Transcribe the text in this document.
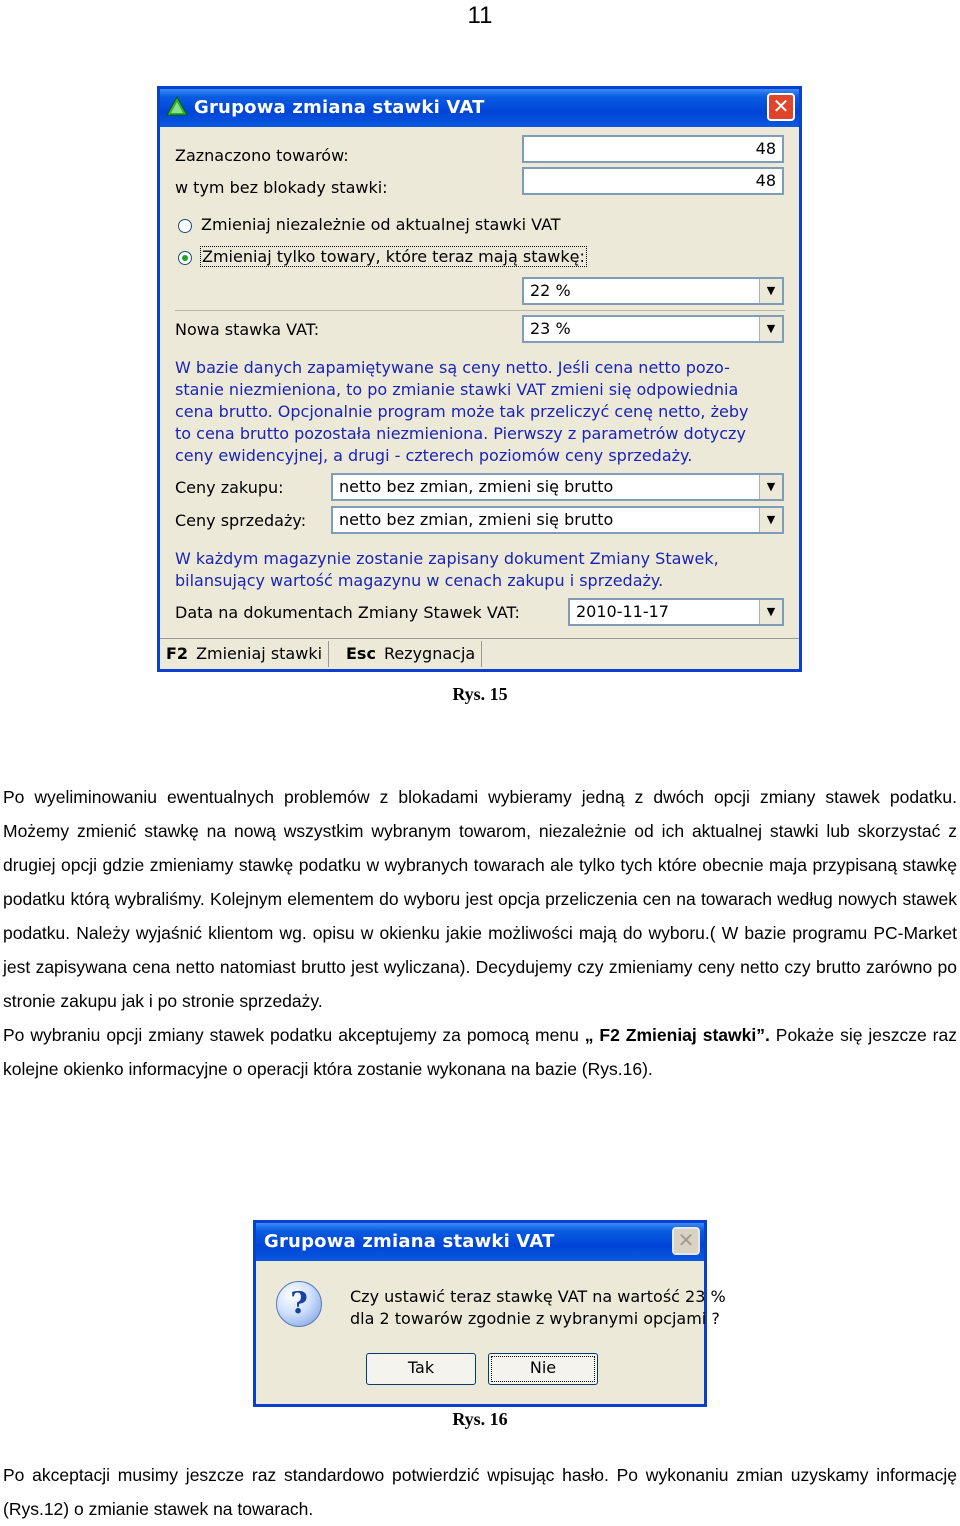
11
Grupowa zmiana stawki VAT	✕
Zaznaczono towarów:	48
w tym bez blokady stawki:	48
Zmieniaj niezależnie od aktualnej stawki VAT
Zmieniaj tylko towary, które teraz mają stawkę:
22 %	▼
Nowa stawka VAT:	23 %	▼
W bazie danych zapamiętywane są ceny netto. Jeśli cena netto pozo-
stanie niezmieniona, to po zmianie stawki VAT zmieni się odpowiednia
cena brutto. Opcjonalnie program może tak przeliczyć cenę netto, żeby
to cena brutto pozostała niezmieniona. Pierwszy z parametrów dotyczy
ceny ewidencyjnej, a drugi - czterech poziomów ceny sprzedaży.
Ceny zakupu:	netto bez zmian, zmieni się brutto	▼
Ceny sprzedaży: netto bez zmian, zmieni się brutto	▼
W każdym magazynie zostanie zapisany dokument Zmiany Stawek,
bilansujący wartość magazynu w cenach zakupu i sprzedaży.
Data na dokumentach Zmiany Stawek VAT:	2010-11-17	▼
F2 Zmieniaj stawki	Esc Rezygnacja
Rys. 15

Po wyeliminowaniu ewentualnych problemów z blokadami wybieramy jedną z dwóch opcji zmiany stawek podatku. Możemy zmienić stawkę na nową wszystkim wybranym towarom, niezależnie od ich aktualnej stawki lub skorzystać z drugiej opcji gdzie zmieniamy stawkę podatku w wybranych towarach ale tylko tych które obecnie maja przypisaną stawkę podatku którą wybraliśmy. Kolejnym elementem do wyboru jest opcja przeliczenia cen na towarach według nowych stawek podatku. Należy wyjaśnić klientom wg. opisu w okienku jakie możliwości mają do wyboru.( W bazie programu PC-Market jest zapisywana cena netto natomiast brutto jest wyliczana). Decydujemy czy zmieniamy ceny netto czy brutto zarówno po stronie zakupu jak i po stronie sprzedaży.

Po wybraniu opcji zmiany stawek podatku akceptujemy za pomocą menu „ F2 Zmieniaj stawki”. Pokaże się jeszcze raz kolejne okienko informacyjne o operacji która zostanie wykonana na bazie (Rys.16).

Grupowa zmiana stawki VAT	✕
?	Czy ustawić teraz stawkę VAT na wartość 23 %
dla 2 towarów zgodnie z wybranymi opcjami ?
Tak	Nie
Rys. 16
Po akceptacji musimy jeszcze raz standardowo potwierdzić wpisując hasło. Po wykonaniu zmian uzyskamy informację (Rys.12) o zmianie stawek na towarach.
